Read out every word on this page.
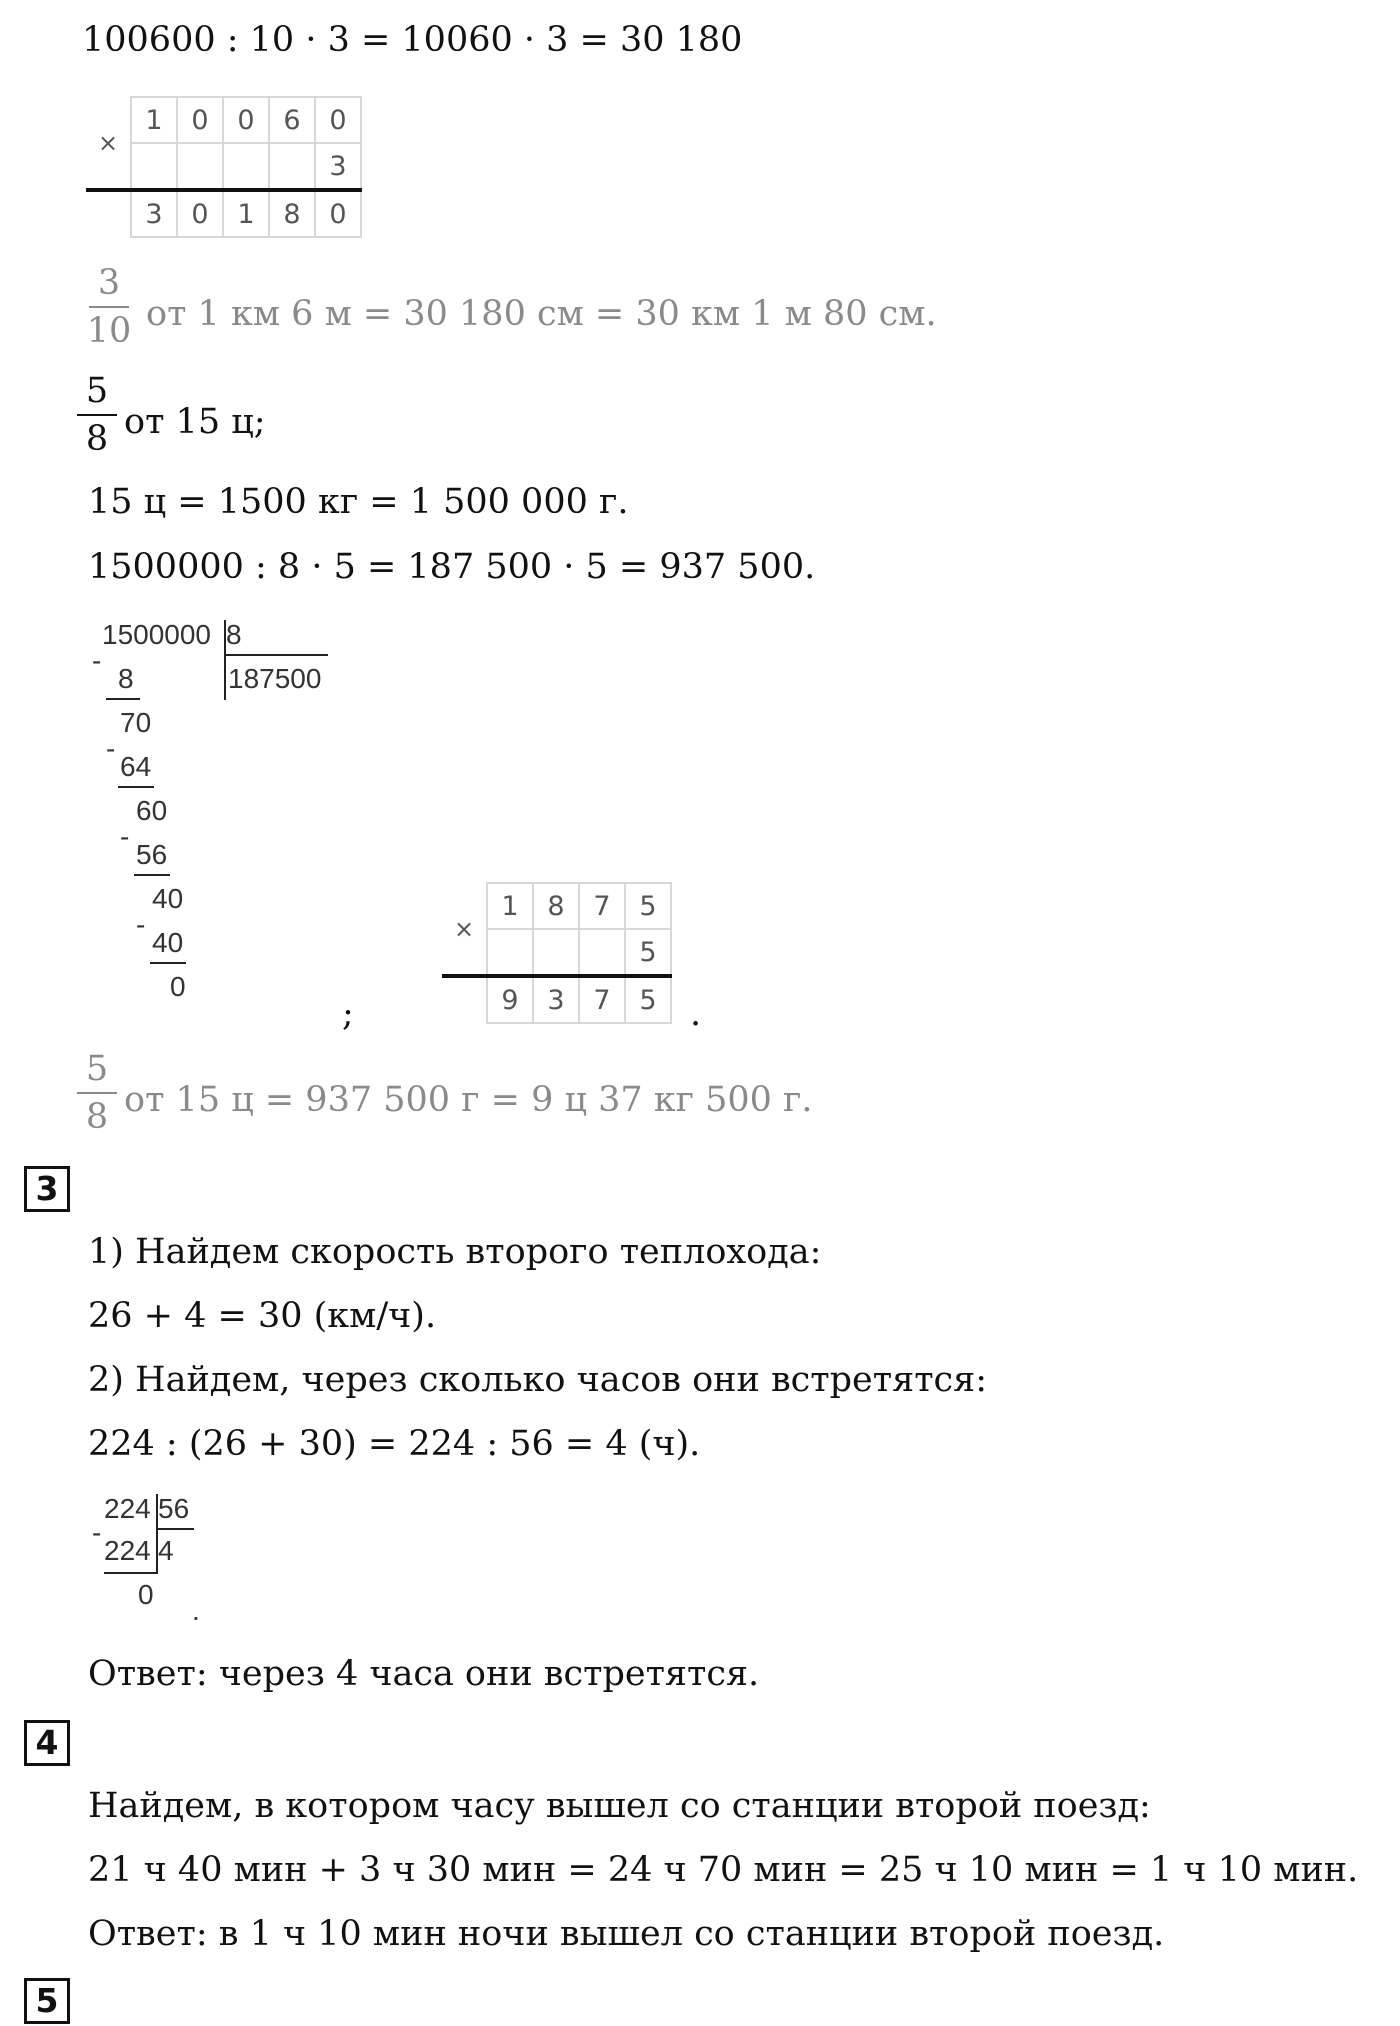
100600 : 10 · 3 = 10060 · 3 = 30 180
×	1	0	0	6	0
					3
	3	0	1	8	0
3
10 от 1 км 6 м = 30 180 см = 30 км 1 м 80 см.
5
8 от 15 ц;
15 ц = 1500 кг = 1 500 000 г.
1500000 : 8 · 5 = 187 500 · 5 = 937 500.
1500000 8
187500
-
8
70
-
64
60
-
56
40
-
40
0
;
×	1	8	7	5
				5
	9	3	7	5 .
5
8 от 15 ц = 937 500 г = 9 ц 37 кг 500 г.
3
1) Найдем скорость второго теплохода:
26 + 4 = 30 (км/ч).
2) Найдем, через сколько часов они встретятся:
224 : (26 + 30) = 224 : 56 = 4 (ч).
224 56
-
224 4
0
.
Ответ: через 4 часа они встретятся.
4
Найдем, в котором часу вышел со станции второй поезд:
21 ч 40 мин + 3 ч 30 мин = 24 ч 70 мин = 25 ч 10 мин = 1 ч 10 мин.
Ответ: в 1 ч 10 мин ночи вышел со станции второй поезд.
5
